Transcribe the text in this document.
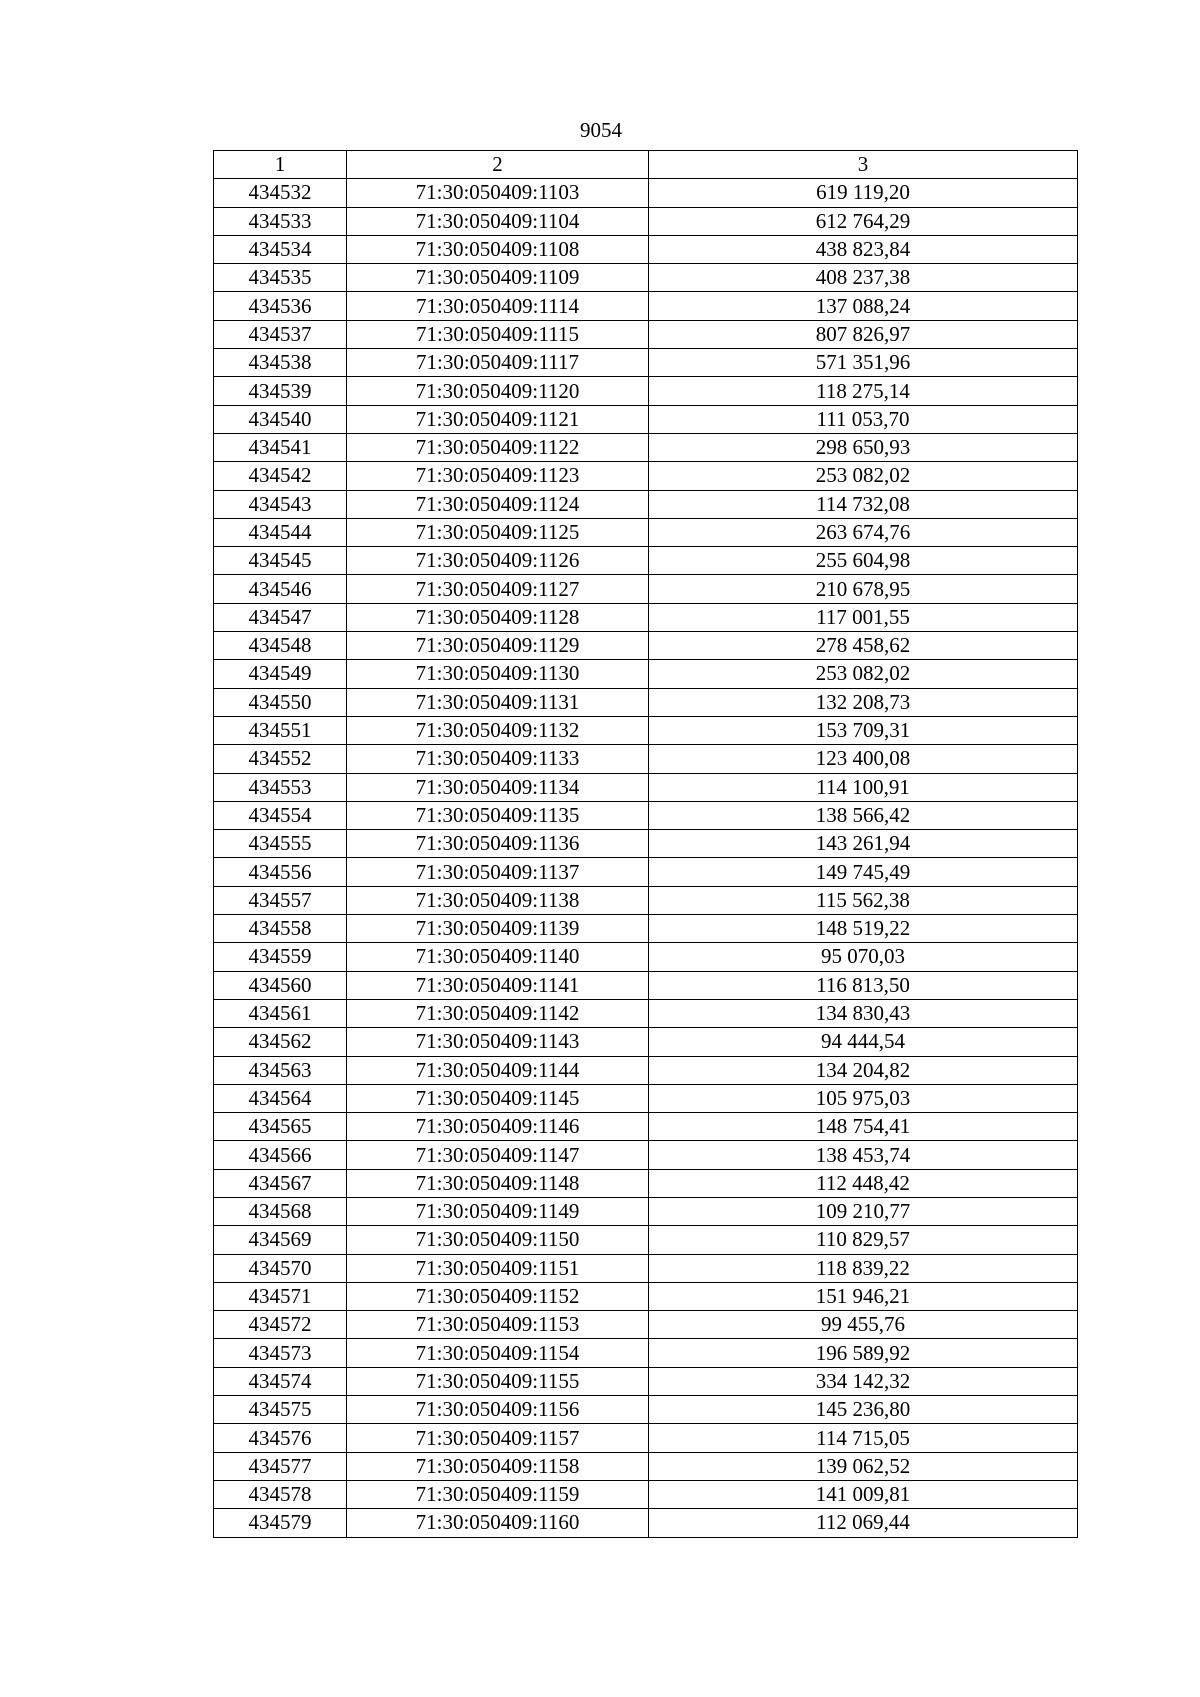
9054
1	2	3
434532	71:30:050409:1103	619 119,20
434533	71:30:050409:1104	612 764,29
434534	71:30:050409:1108	438 823,84
434535	71:30:050409:1109	408 237,38
434536	71:30:050409:1114	137 088,24
434537	71:30:050409:1115	807 826,97
434538	71:30:050409:1117	571 351,96
434539	71:30:050409:1120	118 275,14
434540	71:30:050409:1121	111 053,70
434541	71:30:050409:1122	298 650,93
434542	71:30:050409:1123	253 082,02
434543	71:30:050409:1124	114 732,08
434544	71:30:050409:1125	263 674,76
434545	71:30:050409:1126	255 604,98
434546	71:30:050409:1127	210 678,95
434547	71:30:050409:1128	117 001,55
434548	71:30:050409:1129	278 458,62
434549	71:30:050409:1130	253 082,02
434550	71:30:050409:1131	132 208,73
434551	71:30:050409:1132	153 709,31
434552	71:30:050409:1133	123 400,08
434553	71:30:050409:1134	114 100,91
434554	71:30:050409:1135	138 566,42
434555	71:30:050409:1136	143 261,94
434556	71:30:050409:1137	149 745,49
434557	71:30:050409:1138	115 562,38
434558	71:30:050409:1139	148 519,22
434559	71:30:050409:1140	95 070,03
434560	71:30:050409:1141	116 813,50
434561	71:30:050409:1142	134 830,43
434562	71:30:050409:1143	94 444,54
434563	71:30:050409:1144	134 204,82
434564	71:30:050409:1145	105 975,03
434565	71:30:050409:1146	148 754,41
434566	71:30:050409:1147	138 453,74
434567	71:30:050409:1148	112 448,42
434568	71:30:050409:1149	109 210,77
434569	71:30:050409:1150	110 829,57
434570	71:30:050409:1151	118 839,22
434571	71:30:050409:1152	151 946,21
434572	71:30:050409:1153	99 455,76
434573	71:30:050409:1154	196 589,92
434574	71:30:050409:1155	334 142,32
434575	71:30:050409:1156	145 236,80
434576	71:30:050409:1157	114 715,05
434577	71:30:050409:1158	139 062,52
434578	71:30:050409:1159	141 009,81
434579	71:30:050409:1160	112 069,44
